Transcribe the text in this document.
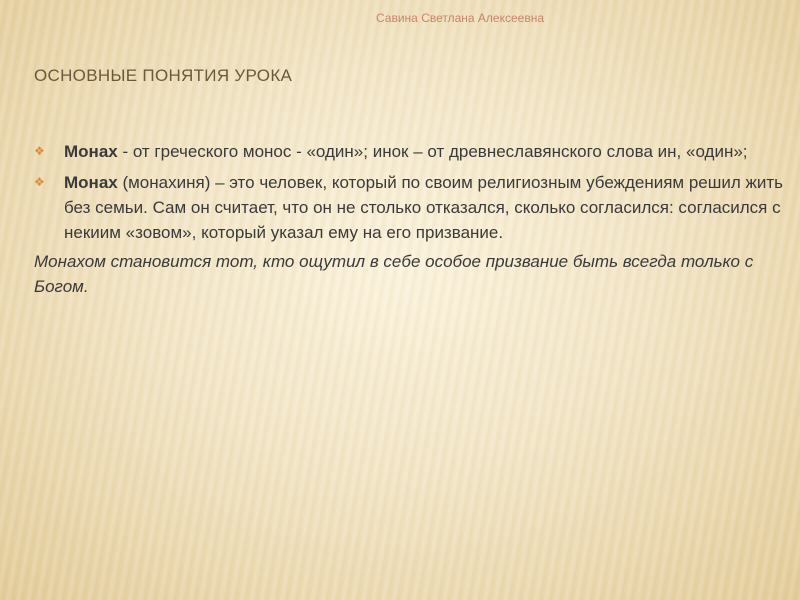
Савина Светлана Алексеевна
ОСНОВНЫЕ ПОНЯТИЯ УРОКА
❖ Монах - от греческого монос - «один»; инок – от древнеславянского слова ин, «один»;
❖ Монах (монахиня) – это человек, который по своим религиозным убеждениям решил жить без семьи. Сам он считает, что он не столько отказался, сколько согласился: согласился с некиим «зовом», который указал ему на его призвание.
Монахом становится тот, кто ощутил в себе особое призвание быть всегда только с Богом.
